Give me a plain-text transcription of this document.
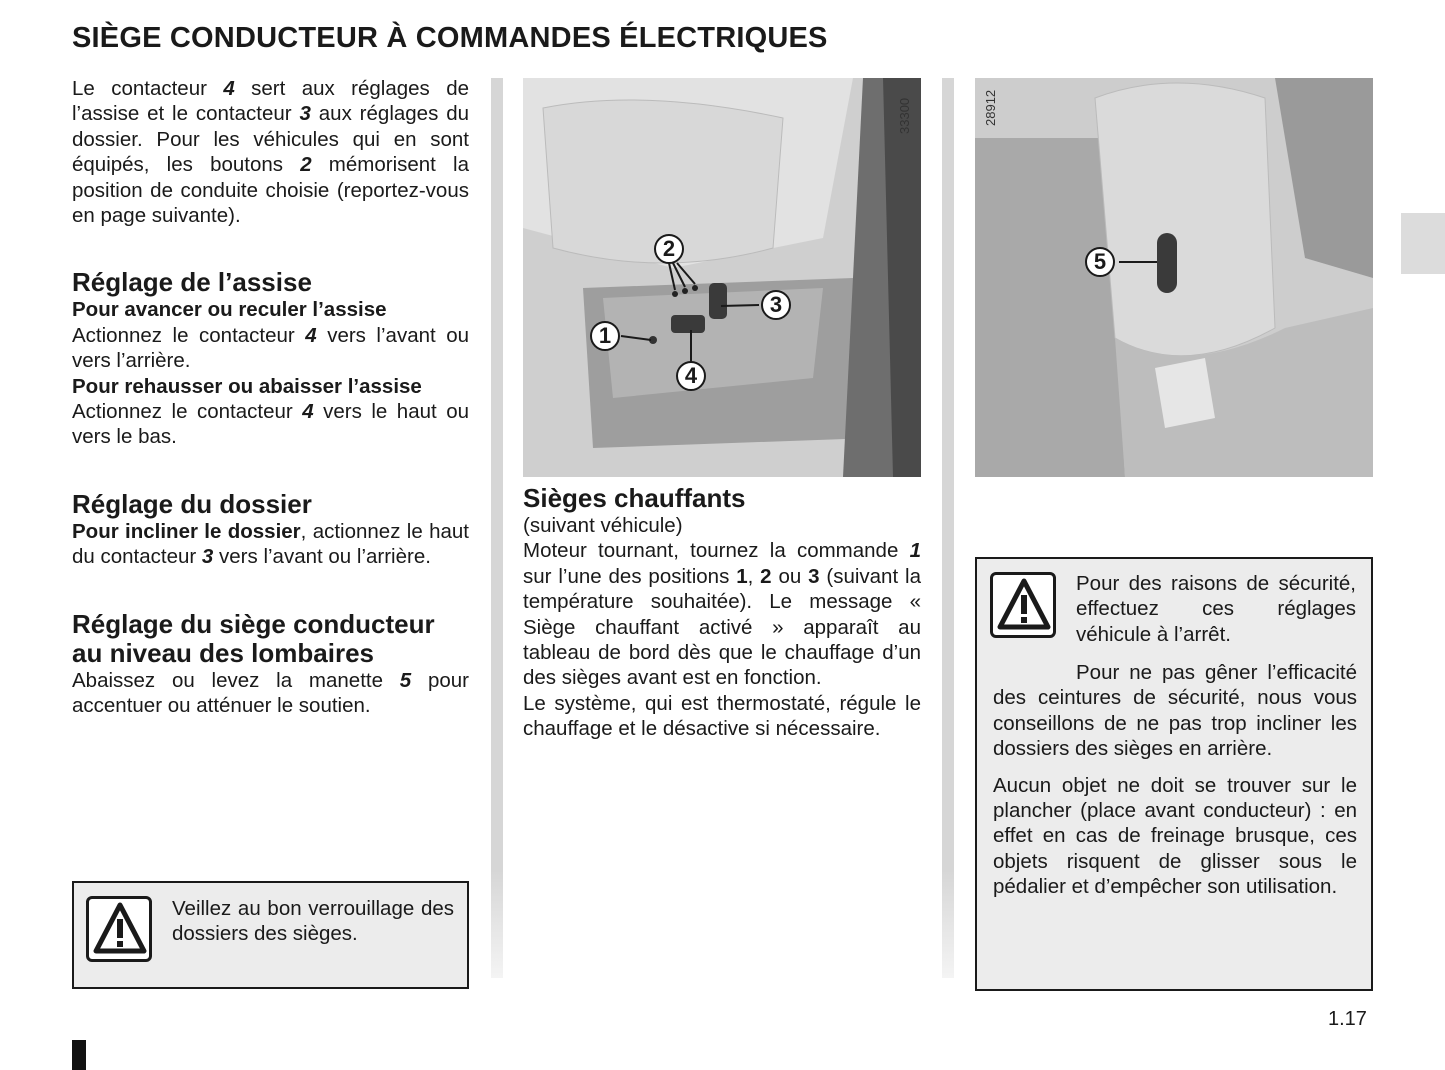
SIÈGE CONDUCTEUR À COMMANDES ÉLECTRIQUES

Le contacteur 4 sert aux réglages de l’assise et le contacteur 3 aux réglages du dossier. Pour les véhicules qui en sont équipés, les boutons 2 mémorisent la position de conduite choisie (reportez-vous en page suivante).

Réglage de l’assise
Pour avancer ou reculer l’assise

Actionnez le contacteur 4 vers l’avant ou vers l’arrière.

Pour rehausser ou abaisser l’assise

Actionnez le contacteur 4 vers le haut ou vers le bas.

Réglage du dossier

Pour incliner le dossier, actionnez le haut du contacteur 3 vers l’avant ou l’arrière.

Réglage du siège conducteur
au niveau des lombaires

Abaissez ou levez la manette 5 pour accentuer ou atténuer le soutien.

Veillez au bon verrouillage des dossiers des sièges.

33300
2
3
1
4
Sièges chauffants
(suivant véhicule)

Moteur tournant, tournez la commande 1 sur l’une des positions 1, 2 ou 3 (suivant la température souhaitée). Le message « Siège chauffant activé » apparaît au tableau de bord dès que le chauffage d’un des sièges avant est en fonction.

Le système, qui est thermostaté, régule le chauffage et le désactive si nécessaire.

28912
5

Pour des raisons de sécurité, effectuez ces réglages véhicule à l’arrêt.

Pour ne pas gêner l’efficacité des ceintures de sécurité, nous vous conseillons de ne pas trop incliner les dossiers des sièges en arrière.

Aucun objet ne doit se trouver sur le plancher (place avant conducteur) : en effet en cas de freinage brusque, ces objets risquent de glisser sous le pédalier et d’empêcher son utilisation.

1.17
